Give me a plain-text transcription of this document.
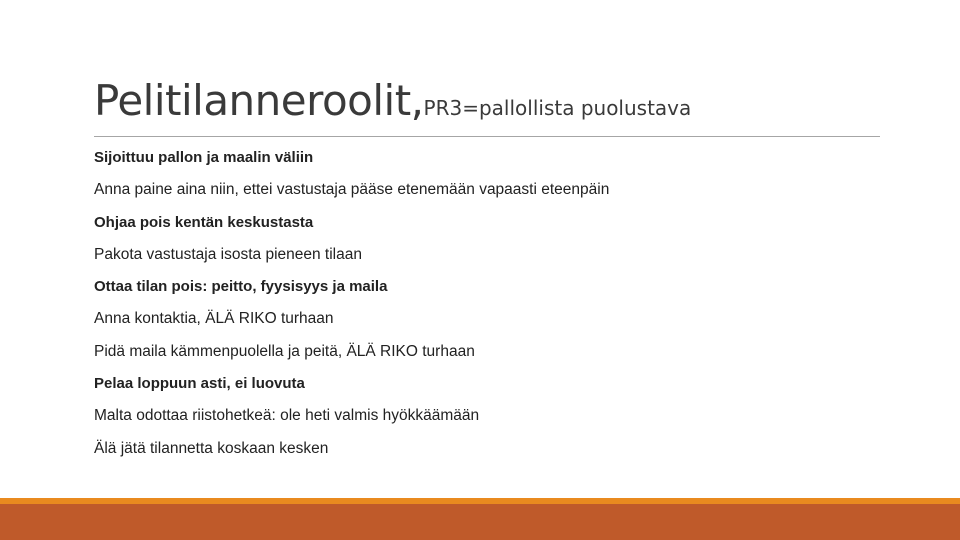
Pelitilanneroolit,PR3=pallollista puolustava
Sijoittuu pallon ja maalin väliin
Anna paine aina niin, ettei vastustaja pääse etenemään vapaasti eteenpäin
Ohjaa pois kentän keskustasta
Pakota vastustaja isosta pieneen tilaan
Ottaa tilan pois: peitto, fyysisyys ja maila
Anna kontaktia, ÄLÄ RIKO turhaan
Pidä maila kämmenpuolella ja peitä, ÄLÄ RIKO turhaan
Pelaa loppuun asti, ei luovuta
Malta odottaa riistohetkeä: ole heti valmis hyökkäämään
Älä jätä tilannetta koskaan kesken
